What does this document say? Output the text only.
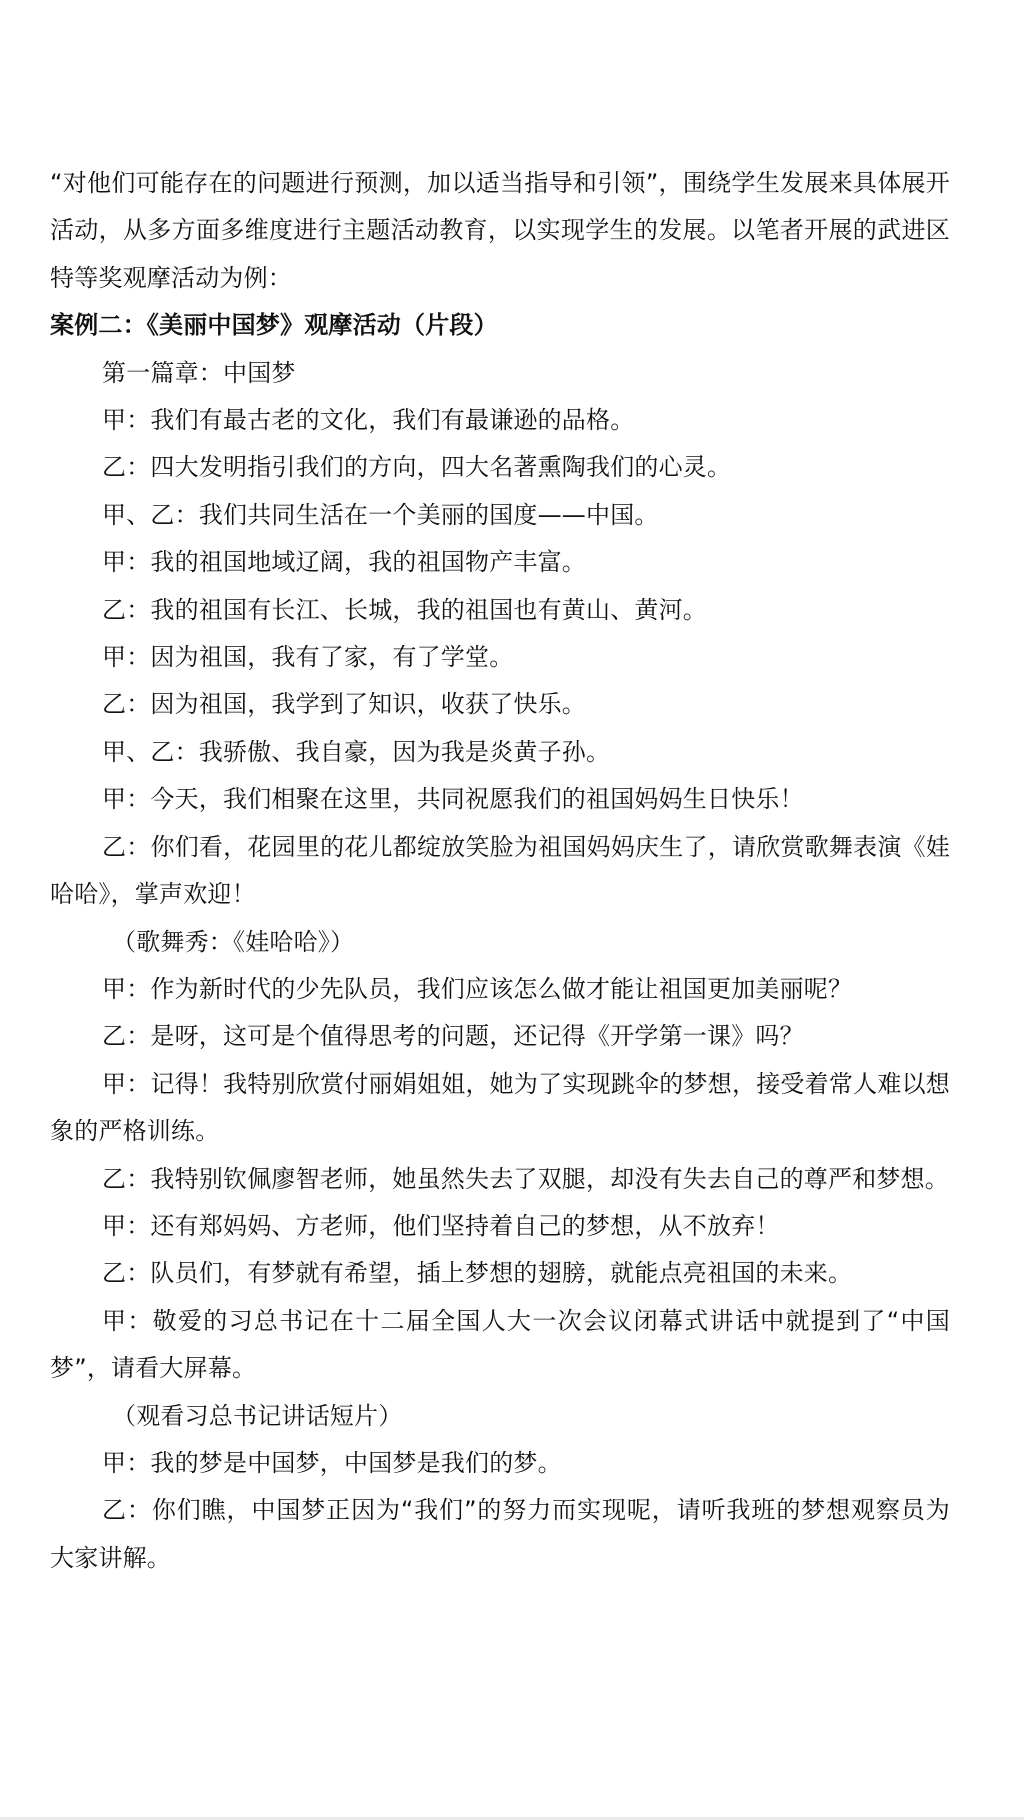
“对他们可能存在的问题进行预测，加以适当指导和引领”，围绕学生发展来具体展开活动，从多方面多维度进行主题活动教育，以实现学生的发展。以笔者开展的武进区特等奖观摩活动为例：

案例二：《美丽中国梦》观摩活动（片段）

第一篇章：中国梦

甲：我们有最古老的文化，我们有最谦逊的品格。

乙：四大发明指引我们的方向，四大名著熏陶我们的心灵。

甲、乙：我们共同生活在一个美丽的国度——中国。

甲：我的祖国地域辽阔，我的祖国物产丰富。

乙：我的祖国有长江、长城，我的祖国也有黄山、黄河。

甲：因为祖国，我有了家，有了学堂。

乙：因为祖国，我学到了知识，收获了快乐。

甲、乙：我骄傲、我自豪，因为我是炎黄子孙。

甲：今天，我们相聚在这里，共同祝愿我们的祖国妈妈生日快乐！

乙：你们看，花园里的花儿都绽放笑脸为祖国妈妈庆生了，请欣赏歌舞表演《娃哈哈》，掌声欢迎！

（歌舞秀：《娃哈哈》）

甲：作为新时代的少先队员，我们应该怎么做才能让祖国更加美丽呢？

乙：是呀，这可是个值得思考的问题，还记得《开学第一课》吗？

甲：记得！我特别欣赏付丽娟姐姐，她为了实现跳伞的梦想，接受着常人难以想象的严格训练。

乙：我特别钦佩廖智老师，她虽然失去了双腿，却没有失去自己的尊严和梦想。

甲：还有郑妈妈、方老师，他们坚持着自己的梦想，从不放弃！

乙：队员们，有梦就有希望，插上梦想的翅膀，就能点亮祖国的未来。

甲：敬爱的习总书记在十二届全国人大一次会议闭幕式讲话中就提到了“中国梦”，请看大屏幕。

（观看习总书记讲话短片）

甲：我的梦是中国梦，中国梦是我们的梦。

乙：你们瞧，中国梦正因为“我们”的努力而实现呢，请听我班的梦想观察员为大家讲解。
